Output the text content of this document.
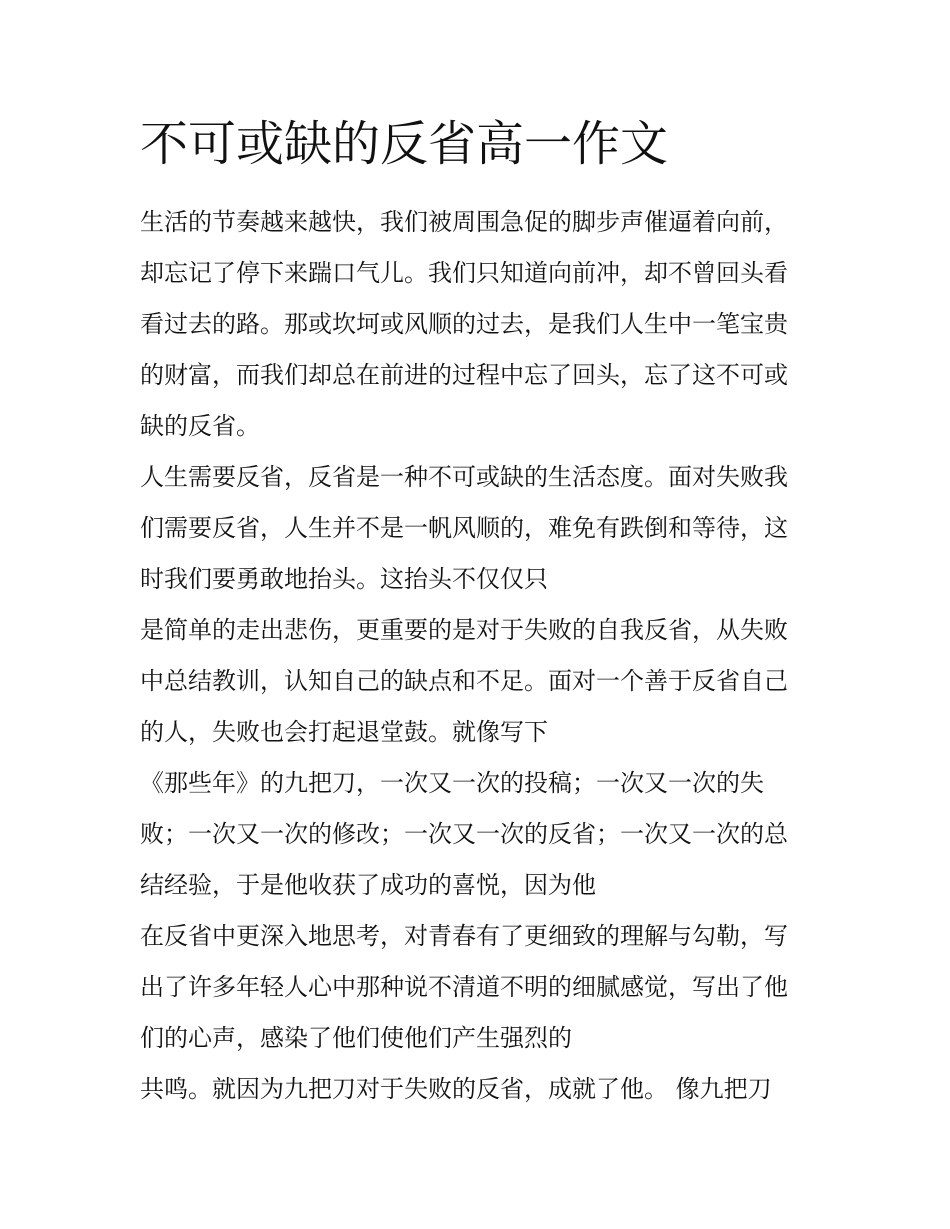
不可或缺的反省高一作文

生活的节奏越来越快，我们被周围急促的脚步声催逼着向前，

却忘记了停下来踹口气儿。我们只知道向前冲，却不曾回头看

看过去的路。那或坎坷或风顺的过去，是我们人生中一笔宝贵

的财富，而我们却总在前进的过程中忘了回头，忘了这不可或

缺的反省。

人生需要反省，反省是一种不可或缺的生活态度。面对失败我

们需要反省，人生并不是一帆风顺的，难免有跌倒和等待，这

时我们要勇敢地抬头。这抬头不仅仅只

是简单的走出悲伤，更重要的是对于失败的自我反省，从失败

中总结教训，认知自己的缺点和不足。面对一个善于反省自己

的人，失败也会打起退堂鼓。就像写下

《那些年》的九把刀，一次又一次的投稿；一次又一次的失

败；一次又一次的修改；一次又一次的反省；一次又一次的总

结经验，于是他收获了成功的喜悦，因为他

在反省中更深入地思考，对青春有了更细致的理解与勾勒，写

出了许多年轻人心中那种说不清道不明的细腻感觉，写出了他

们的心声，感染了他们使他们产生强烈的

共鸣。就因为九把刀对于失败的反省，成就了他。 像九把刀
